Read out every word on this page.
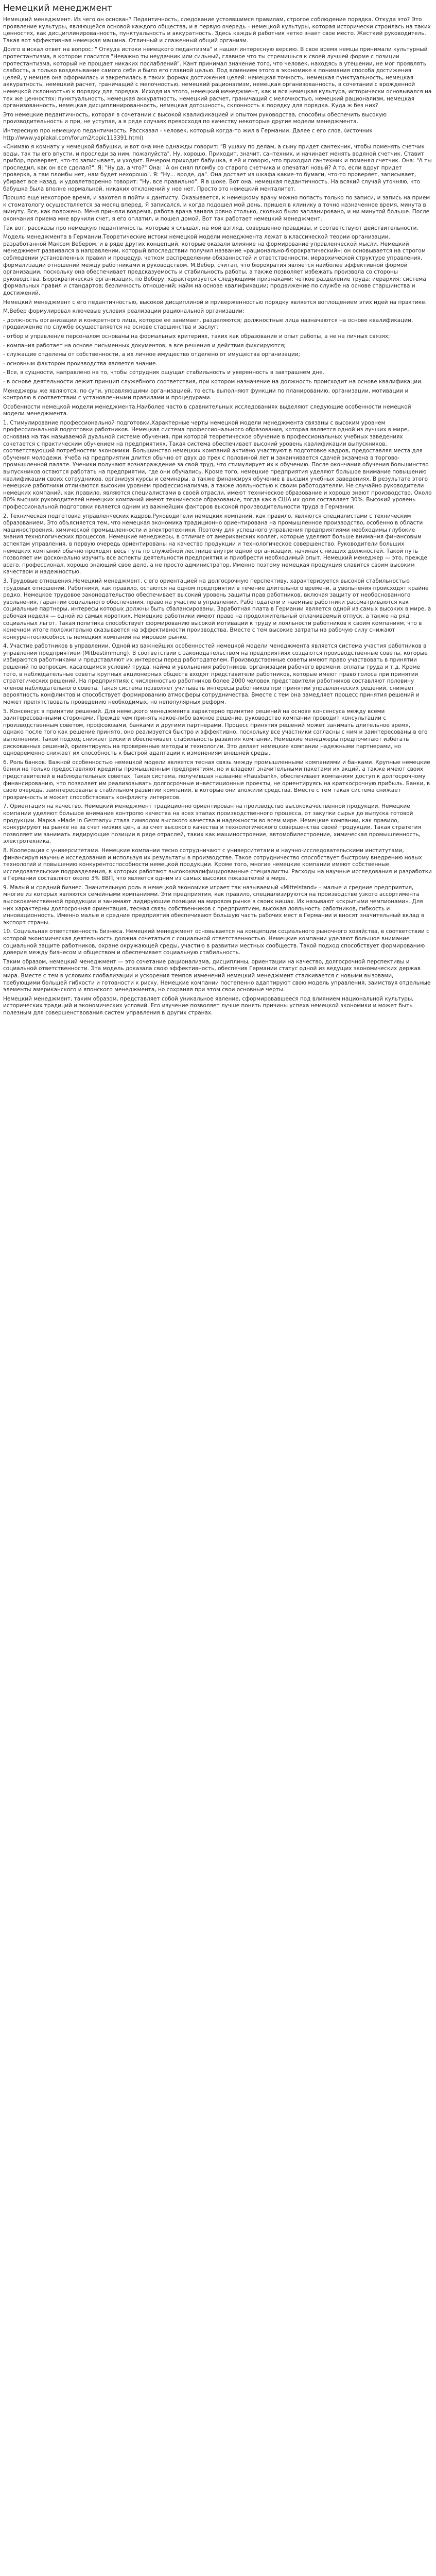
Немецкий менеджмент

Немецкий менеджмент. Из чего он основан? Педантичность, следование устоявшимся правилам, строгое соблюдение порядка. Откуда это? Это проявление культуры, являющейся основой каждого общества, и в первую очередь – немецкой культуры, которая исторически строилась на таких ценностях, как дисциплинированность, пунктуальность и аккуратность. Здесь каждый работник четко знает свое место. Жесткий руководитель. Такая вот эффективная немецкая машина. Отличный и слаженный общий организм.

Долго в искал ответ на вопрос: " Откуда истоки немецкого педантизма" и нашел интересную версию. В свое время немцы принимали культурный протестантизма, в котором гласится "Неважно ты неудачник или сильный, главное что ты стремишься к своей лучшей форме с позиции протестантизма, который не прощает никаких послаблений". Кант принимал значение того, что человек, находясь в утешении, не мог проявлять слабость, а только возделывание самого себя и было его главной целью. Под влиянием этого в экономике к понимания способа достижения целей, у немцев она оформилась и закрепилась в таких формах достижения целей: немецкая точность, немецкая пунктуальность, немецкая аккуратность, немецкий расчет, граничащий с мелочностью, немецкий рационализм, немецкая организованность, в сочетании с врожденной немецкой склонностью к порядку для порядка. Исходя из этого, немецкий менеджмент, как и вся немецкая культура, исторически основывался на тех же ценностях: пунктуальность, немецкая аккуратность, немецкий расчет, граничащий с мелочностью, немецкий рационализм, немецкая организованность, немецкая дисциплинированность, немецкая дотошность, склонность к порядку для порядка. Куда ж без них?

Это немецкие педантичность, которая в сочетании с высокой квалификацией и опытом руководства, способны обеспечить высокую производительность и при, не уступая, а в ряде случаях превосходя по качеству некоторые другие модели менеджмента.

Интересную про немецкую педантичность. Рассказал - человек, который когда-то жил в Германии. Далее с его слов. (источник http://www.yaplakal.com/forum2/topic113391.html)

«Снимаю я комнату у немецкой бабушки, и вот она мне однажды говорит: "В ушаху по делам, а сыну придет сантехник, чтобы поменять счетчик воды, так ты его впусти, и проследи за ним, пожалуйста". Ну, хорошо. Приходит, значит, сантехник, и начинает менять водяной счетчик. Ставит прибор, проверяет, что-то записывает, и уходит. Вечером приходит бабушка, я ей и говорю, что приходил сантехник и поменял счетчик. Она: "А ты проследил, как он все сделал?". Я: "Ну да, а что?" Она: "А он снял пломбу со старого счетчика и опечатал новый? А то, если вдруг придет проверка, а там пломбы нет, нам будет нехорошо". Я: "Ну... вроде, да". Она достает из шкафа какие-то бумаги, что-то проверяет, записывает, убирает все назад, и удовлетворенно говорит: "Ну, все правильно". Я в шоке. Вот она, немецкая педантичность. На всякий случай уточняю, что бабушка была вполне нормальной, никаких отклонений у нее нет. Просто это немецкий менталитет.

Прошло еще некоторое время, и захотел я пойти к дантисту. Оказывается, к немецкому врачу можно попасть только по записи, и запись на прием к стоматологу осуществляется за месяц вперед. Я записался, и когда подошел мой день, пришел в клинику в точно назначенное время, минута в минуту. Все, как положено. Меня приняли вовремя, работа врача заняла ровно столько, сколько было запланировано, и ни минутой больше. После окончания приема мне вручили счет, я его оплатил, и пошел домой. Вот так работает немецкий менеджмент.

Так вот, рассказы про немецкую педантичность, которые я слышал, на мой взгляд, совершенно правдивы, и соответствуют действительности.

Модель менеджмента в Германии.Теоретические истоки немецкой модели менеджмента лежат в классической теории организации, разработанной Максом Вебером, и в ряде других концепций, которые оказали влияние на формирование управленческой мысли. Немецкий менеджмент развивался в направлении, который впоследствии получил название «рационально-бюрократический»: он основывается на строгом соблюдении установленных правил и процедур, четком распределении обязанностей и ответственности, иерархической структуре управления, формализации отношений между работниками и руководством. М.Вебер, считал, что бюрократия является наиболее эффективной формой организации, поскольку она обеспечивает предсказуемость и стабильность работы, а также позволяет избежать произвола со стороны руководства. Бюрократическая организация, по Веберу, характеризуется следующими признаками: четкое разделение труда; иерархия; система формальных правил и стандартов; безличность отношений; найм на основе квалификации; продвижение по службе на основе старшинства и достижений.

Немецкий менеджмент с его педантичностью, высокой дисциплиной и приверженностью порядку является воплощением этих идей на практике.

М.Вебер формулировал ключевые условия реализации рациональной организации:

- должность организации и конкретного лица, которое ее занимает, разделяются; должностные лица назначаются на основе квалификации, продвижение по службе осуществляется на основе старшинства и заслуг;

- отбор и управление персоналом основаны на формальных критериях, таких как образование и опыт работы, а не на личных связях;

- компания работает на основе письменных документов, а все решения и действия фиксируются;

- служащие отделены от собственности, а их личное имущество отделено от имущества организации;

- основным фактором производства является знание.

- Все, в сущности, направлено на то, чтобы сотрудник ощущал стабильность и уверенность в завтрашнем дне.

- в основе деятельности лежит принцип служебного соответствия, при котором назначение на должность происходит на основе квалификации.

Менеджеры же являются, по сути, управляющими организацией, то есть выполняют функции по планированию, организации, мотивации и контролю в соответствии с установленными правилами и процедурами.

Особенности немецкой модели менеджмента.Наиболее часто в сравнительных исследованиях выделяют следующие особенности немецкой модели менеджмента.

1. Стимулирование профессиональной подготовки.Характерные черты немецкой модели менеджмента связаны с высоким уровнем профессиональной подготовки работников. Немецкая система профессионального образования, которая является одной из лучших в мире, основана на так называемой дуальной системе обучения, при которой теоретическое обучение в профессиональных учебных заведениях сочетается с практическим обучением на предприятиях. Такая система обеспечивает высокий уровень квалификации выпускников, соответствующий потребностям экономики. Большинство немецких компаний активно участвуют в подготовке кадров, предоставляя места для обучения молодежи. Учеба на предприятии длится обычно от двух до трех с половиной лет и заканчивается сдачей экзамена в торгово-промышленной палате. Ученики получают вознаграждение за свой труд, что стимулирует их к обучению. После окончания обучения большинство выпускников остаются работать на предприятии, где они обучались. Кроме того, немецкие предприятия уделяют большое внимание повышению квалификации своих сотрудников, организуя курсы и семинары, а также финансируя обучение в высших учебных заведениях. В результате этого немецкие работники отличаются высоким уровнем профессионализма, а также лояльностью к своим работодателям. Не случайно руководители немецких компаний, как правило, являются специалистами в своей отрасли, имеют техническое образование и хорошо знают производство. Около 80% высших руководителей немецких компаний имеют техническое образование, тогда как в США их доля составляет 30%. Высокий уровень профессиональной подготовки является одним из важнейших факторов высокой производительности труда в Германии.

2. Техническая подготовка управленческих кадров.Руководители немецких компаний, как правило, являются специалистами с техническим образованием. Это объясняется тем, что немецкая экономика традиционно ориентирована на промышленное производство, особенно в области машиностроения, химической промышленности и электротехники. Поэтому для успешного управления предприятиями необходимы глубокие знания технологических процессов. Немецкие менеджеры, в отличие от американских коллег, которые уделяют больше внимания финансовым аспектам управления, в первую очередь ориентированы на качество продукции и технологическое совершенство. Руководители больших немецких компаний обычно проходят весь путь по служебной лестнице внутри одной организации, начиная с низших должностей. Такой путь позволяет им досконально изучить все аспекты деятельности предприятия и приобрести необходимый опыт. Немецкий менеджер — это, прежде всего, профессионал, хорошо знающий свое дело, а не просто администратор. Именно поэтому немецкая продукция славится своим высоким качеством и надежностью.

3. Трудовые отношения.Немецкий менеджмент, с его ориентацией на долгосрочную перспективу, характеризуется высокой стабильностью трудовых отношений. Работники, как правило, остаются на одном предприятии в течение длительного времени, а увольнения происходят крайне редко. Немецкое трудовое законодательство обеспечивает высокий уровень защиты прав работников, включая защиту от необоснованного увольнения, гарантии социального обеспечения, право на участие в управлении. Работодатели и наемные работники рассматриваются как социальные партнеры, интересы которых должны быть сбалансированы. Заработная плата в Германии является одной из самых высоких в мире, а рабочая неделя — одной из самых коротких. Немецкие работники имеют право на продолжительный оплачиваемый отпуск, а также на ряд социальных льгот. Такая политика способствует формированию высокой мотивации к труду и лояльности работников к своим компаниям, что в конечном итоге положительно сказывается на эффективности производства. Вместе с тем высокие затраты на рабочую силу снижают конкурентоспособность немецких компаний на мировом рынке.

4. Участие работников в управлении. Одной из важнейших особенностей немецкой модели менеджмента является система участия работников в управлении предприятием (Mitbestimmung). В соответствии с законодательством на предприятиях создаются производственные советы, которые избираются работниками и представляют их интересы перед работодателем. Производственные советы имеют право участвовать в принятии решений по вопросам, касающимся условий труда, найма и увольнения работников, организации рабочего времени, оплаты труда и т.д. Кроме того, в наблюдательные советы крупных акционерных обществ входят представители работников, которые имеют право голоса при принятии стратегических решений. На предприятиях с численностью работников более 2000 человек представители работников составляют половину членов наблюдательного совета. Такая система позволяет учитывать интересы работников при принятии управленческих решений, снижает вероятность конфликтов и способствует формированию атмосферы сотрудничества. Вместе с тем она замедляет процесс принятия решений и может препятствовать проведению необходимых, но непопулярных реформ.

5. Консенсус в принятии решений. Для немецкого менеджмента характерно принятие решений на основе консенсуса между всеми заинтересованными сторонами. Прежде чем принять какое-либо важное решение, руководство компании проводит консультации с производственным советом, профсоюзами, банками и другими партнерами. Процесс принятия решений может занимать длительное время, однако после того как решение принято, оно реализуется быстро и эффективно, поскольку все участники согласны с ним и заинтересованы в его выполнении. Такой подход снижает риски и обеспечивает стабильность развития компании. Немецкие менеджеры предпочитают избегать рискованных решений, ориентируясь на проверенные методы и технологии. Это делает немецкие компании надежными партнерами, но одновременно снижает их способность к быстрой адаптации к изменениям внешней среды.

6. Роль банков. Важной особенностью немецкой модели является тесная связь между промышленными компаниями и банками. Крупные немецкие банки не только предоставляют кредиты промышленным предприятиям, но и владеют значительными пакетами их акций, а также имеют своих представителей в наблюдательных советах. Такая система, получившая название «Hausbank», обеспечивает компаниям доступ к долгосрочному финансированию, что позволяет им реализовывать долгосрочные инвестиционные проекты, не ориентируясь на краткосрочную прибыль. Банки, в свою очередь, заинтересованы в стабильном развитии компаний, в которые они вложили средства. Вместе с тем такая система снижает прозрачность и может способствовать конфликту интересов.

7. Ориентация на качество. Немецкий менеджмент традиционно ориентирован на производство высококачественной продукции. Немецкие компании уделяют большое внимание контролю качества на всех этапах производственного процесса, от закупки сырья до выпуска готовой продукции. Марка «Made in Germany» стала символом высокого качества и надежности во всем мире. Немецкие компании, как правило, конкурируют на рынке не за счет низких цен, а за счет высокого качества и технологического совершенства своей продукции. Такая стратегия позволяет им занимать лидирующие позиции в ряде отраслей, таких как машиностроение, автомобилестроение, химическая промышленность, электротехника.

8. Кооперация с университетами. Немецкие компании тесно сотрудничают с университетами и научно-исследовательскими институтами, финансируя научные исследования и используя их результаты в производстве. Такое сотрудничество способствует быстрому внедрению новых технологий и повышению конкурентоспособности немецкой продукции. Кроме того, многие немецкие компании имеют собственные исследовательские подразделения, в которых работают высококвалифицированные специалисты. Расходы на научные исследования и разработки в Германии составляют около 3% ВВП, что является одним из самых высоких показателей в мире.

9. Малый и средний бизнес. Значительную роль в немецкой экономике играет так называемый «Mittelstand» – малые и средние предприятия, многие из которых являются семейными компаниями. Эти предприятия, как правило, специализируются на производстве узкого ассортимента высококачественной продукции и занимают лидирующие позиции на мировом рынке в своих нишах. Их называют «скрытыми чемпионами». Для них характерны долгосрочная ориентация, тесная связь собственников с предприятием, высокая лояльность работников, гибкость и инновационность. Именно малые и средние предприятия обеспечивают большую часть рабочих мест в Германии и вносят значительный вклад в экспорт страны.

10. Социальная ответственность бизнеса. Немецкий менеджмент основывается на концепции социального рыночного хозяйства, в соответствии с которой экономическая деятельность должна сочетаться с социальной ответственностью. Немецкие компании уделяют большое внимание социальной защите работников, охране окружающей среды, участию в развитии местных сообществ. Такой подход способствует формированию доверия между бизнесом и обществом и обеспечивает социальную стабильность.

Таким образом, немецкий менеджмент — это сочетание рационализма, дисциплины, ориентации на качество, долгосрочной перспективы и социальной ответственности. Эта модель доказала свою эффективность, обеспечив Германии статус одной из ведущих экономических держав мира. Вместе с тем в условиях глобализации и ускорения темпов изменений немецкий менеджмент сталкивается с новыми вызовами, требующими большей гибкости и готовности к риску. Немецкие компании постепенно адаптируют свою модель управления, заимствуя отдельные элементы американского и японского менеджмента, но сохраняя при этом свои основные черты.

Немецкий менеджмент, таким образом, представляет собой уникальное явление, сформировавшееся под влиянием национальной культуры, исторических традиций и экономических условий. Его изучение позволяет лучше понять причины успеха немецкой экономики и может быть полезным для совершенствования систем управления в других странах.
